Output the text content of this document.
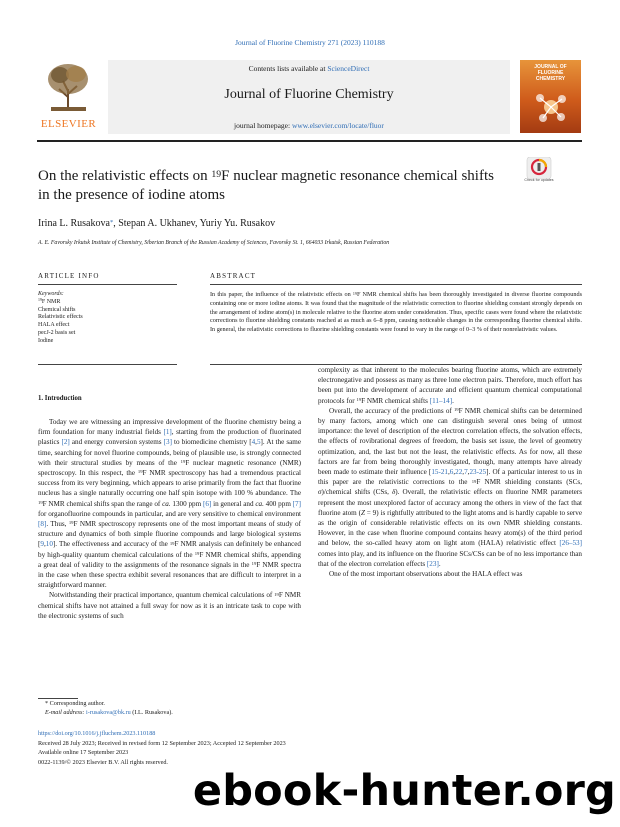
Journal of Fluorine Chemistry 271 (2023) 110188
ELSEVIER
Contents lists available at ScienceDirect
Journal of Fluorine Chemistry
journal homepage: www.elsevier.com/locate/fluor
JOURNAL OF FLUORINE CHEMISTRY
Check for updates
On the relativistic effects on $^{19}$F nuclear magnetic resonance chemical shifts in the presence of iodine atoms
Irina L. Rusakova*, Stepan A. Ukhanev, Yuriy Yu. Rusakov
A. E. Favorsky Irkutsk Institute of Chemistry, Siberian Branch of the Russian Academy of Sciences, Favorsky St. 1, 664033 Irkutsk, Russian Federation
ARTICLE INFO	ABSTRACT
Keywords:
$^{19}$F NMR
Chemical shifts
Relativistic effects
HALA effect
pecJ-2 basis set
Iodine
In this paper, the influence of the relativistic effects on $^{19}$F NMR chemical shifts has been thoroughly investigated in diverse fluorine compounds containing one or more iodine atoms. It was found that the magnitude of the relativistic correction to fluorine shielding constant strongly depends on the arrangement of iodine atom(s) in molecule relative to the fluorine atom under consideration. Thus, specific cases were found where the relativistic corrections to fluorine shielding constants reached at as much as 6–8 ppm, causing noticeable changes in the corresponding fluorine chemical shifts. In general, the relativistic corrections to fluorine shielding constants were found to vary in the range of 0–3 % of their nonrelativistic values.
1. Introduction

Today we are witnessing an impressive development of the fluorine chemistry being a firm foundation for many industrial fields [1], starting from the production of fluorinated plastics [2] and energy conversion systems [3] to biomedicine chemistry [4,5]. At the same time, searching for novel fluorine compounds, being of plausible use, is strongly connected with their structural studies by means of the $^{19}$F nuclear magnetic resonance (NMR) spectroscopy. In this respect, the $^{19}$F NMR spectroscopy has had a tremendous practical success from its very beginning, which appears to arise primarily from the fact that fluorine nucleus has a single naturally occurring one half spin isotope with 100 % abundance. The $^{19}$F NMR chemical shifts span the range of ca. 1300 ppm [6] in general and ca. 400 ppm [7] for organofluorine compounds in particular, and are very sensitive to chemical environment [8]. Thus, $^{19}$F NMR spectroscopy represents one of the most important means of study of structure and dynamics of both simple fluorine compounds and large biological systems [9,10]. The effectiveness and accuracy of the $^{19}$F NMR analysis can definitely be enhanced by high-quality quantum chemical calculations of the $^{19}$F NMR chemical shifts, appending a great deal of validity to the assignments of the resonance signals in the $^{19}$F NMR spectra in the case when these spectra exhibit several resonances that are difficult to interpret in a straightforward manner.

Notwithstanding their practical importance, quantum chemical calculations of $^{19}$F NMR chemical shifts have not attained a full sway for now as it is an intricate task to cope with the electronic systems of such

complexity as that inherent to the molecules bearing fluorine atoms, which are extremely electronegative and possess as many as three lone electron pairs. Therefore, much effort has been put into the development of accurate and efficient quantum chemical computational protocols for $^{19}$F NMR chemical shifts [11–14].

Overall, the accuracy of the predictions of $^{19}$F NMR chemical shifts can be determined by many factors, among which one can distinguish several ones being of utmost importance: the level of description of the electron correlation effects, the solvation effects, the effects of rovibrational degrees of freedom, the basis set issue, the level of geometry optimization, and, the last but not the least, the relativistic effects. As for now, all these factors are far from being thoroughly investigated, though, many attempts have already been made to estimate their influence [15-21,6,22,7,23-25]. Of a particular interest to us in this paper are the relativistic corrections to the $^{19}$F NMR shielding constants (SCs, σ)/chemical shifts (CSs, δ). Overall, the relativistic effects on fluorine NMR parameters represent the most unexplored factor of accuracy among the others in view of the fact that fluorine atom (Z = 9) is rightfully attributed to the light atoms and is hardly capable to serve as the origin of considerable relativistic effects on its own NMR shielding constants. However, in the case when fluorine compound contains heavy atom(s) of the third period and below, the so-called heavy atom on light atom (HALA) relativistic effect [26–53] comes into play, and its influence on the fluorine SCs/CSs can be of no less importance than that of the electron correlation effects [23].

One of the most important observations about the HALA effect was

* Corresponding author.
E-mail address: i-rusakova@bk.ru (I.L. Rusakova).
https://doi.org/10.1016/j.jfluchem.2023.110188
Received 28 July 2023; Received in revised form 12 September 2023; Accepted 12 September 2023
Available online 17 September 2023
0022-1139/© 2023 Elsevier B.V. All rights reserved.
ebook-hunter.org
